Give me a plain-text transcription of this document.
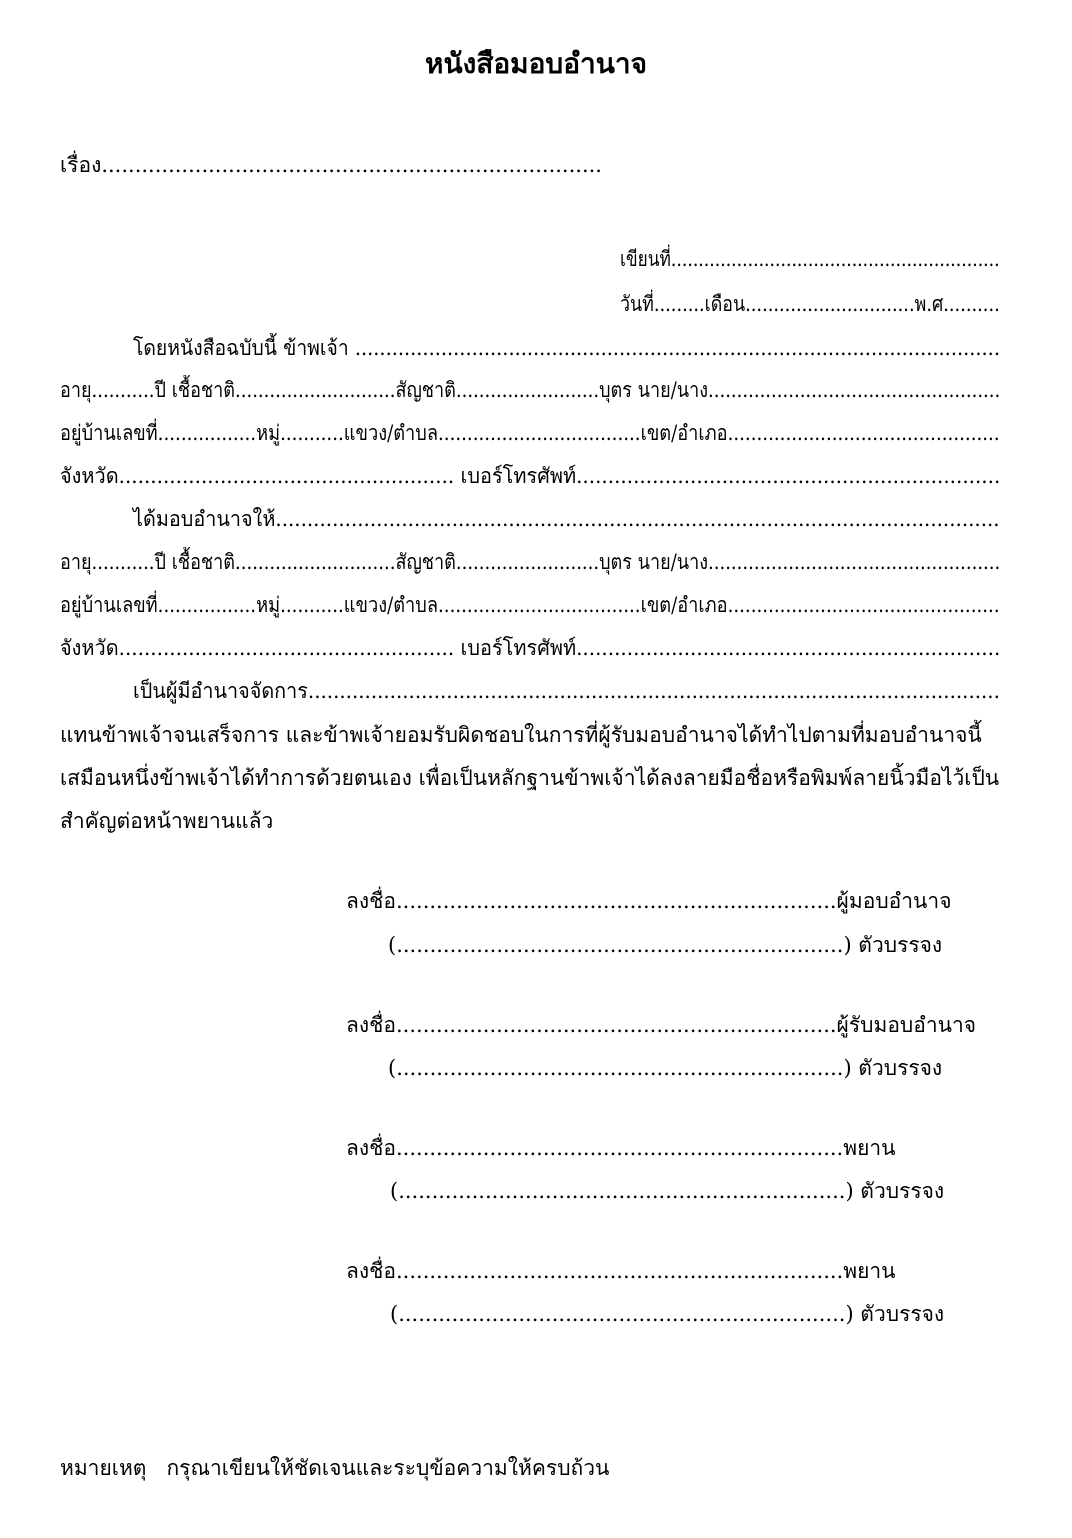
หนังสือมอบอำนาจ

เรื่อง...........................................................................

เขียนที่............................................................

วันที่.........เดือน..............................พ.ศ..........

โดยหนังสือฉบับนี้ ข้าพเจ้า .........................................................................................................

อายุ...........ปี เชื้อชาติ............................สัญชาติ.........................บุตร นาย/นาง...................................................

อยู่บ้านเลขที่.................หมู่...........แขวง/ตำบล...................................เขต/อำเภอ...............................................

จังหวัด..................................................... เบอร์โทรศัพท์...................................................................

ได้มอบอำนาจให้...................................................................................................................

อายุ...........ปี เชื้อชาติ............................สัญชาติ.........................บุตร นาย/นาง...................................................

อยู่บ้านเลขที่.................หมู่...........แขวง/ตำบล...................................เขต/อำเภอ...............................................

จังหวัด..................................................... เบอร์โทรศัพท์...................................................................

เป็นผู้มีอำนาจจัดการ..............................................................................................................

แทนข้าพเจ้าจนเสร็จการ และข้าพเจ้ายอมรับผิดชอบในการที่ผู้รับมอบอำนาจได้ทำไปตามที่มอบอำนาจนี้

เสมือนหนึ่งข้าพเจ้าได้ทำการด้วยตนเอง เพื่อเป็นหลักฐานข้าพเจ้าได้ลงลายมือชื่อหรือพิมพ์ลายนิ้วมือไว้เป็น

สำคัญต่อหน้าพยานแล้ว

ลงชื่อ..................................................................ผู้มอบอำนาจ

(...................................................................) ตัวบรรจง

ลงชื่อ..................................................................ผู้รับมอบอำนาจ

(...................................................................) ตัวบรรจง

ลงชื่อ...................................................................พยาน

(...................................................................) ตัวบรรจง

ลงชื่อ...................................................................พยาน

(...................................................................) ตัวบรรจง

หมายเหตุ   กรุณาเขียนให้ชัดเจนและระบุข้อความให้ครบถ้วน
